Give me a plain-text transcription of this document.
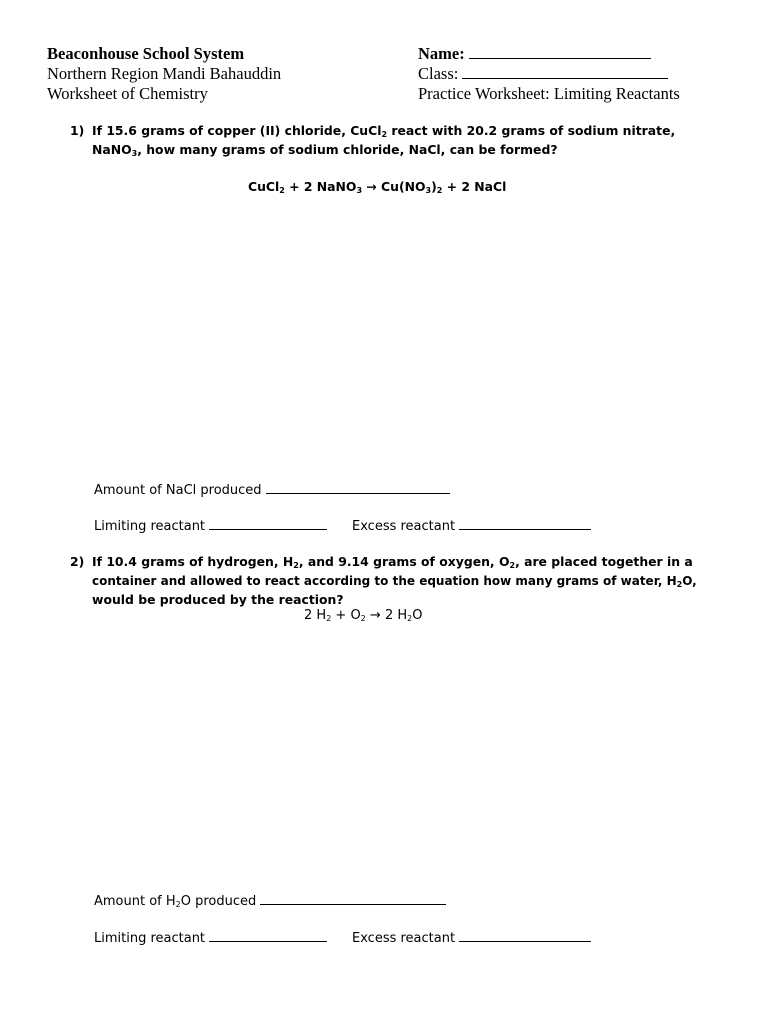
Beaconhouse School System
Northern Region Mandi Bahauddin
Worksheet of Chemistry
Name:
Class:
Practice Worksheet: Limiting Reactants
1) If 15.6 grams of copper (II) chloride, CuCl$_2$ react with 20.2 grams of sodium nitrate,
NaNO$_3$, how many grams of sodium chloride, NaCl, can be formed?
CuCl$_2$ + 2 NaNO$_3$ → $Cu(NO_3)_2 + 2$ NaCl
Amount of NaCl produced
Limiting reactant	Excess reactant
2) If 10.4 grams of hydrogen, $H_2$, and 9.14 grams of oxygen, $O_2$, are placed together in a
container and allowed to react according to the equation how many grams of water, $H_2O$,
would be produced by the reaction?
2 $H_2 + O_2 \to 2$ $H_2O$
Amount of $H_2O$ produced
Limiting reactant	Excess reactant
